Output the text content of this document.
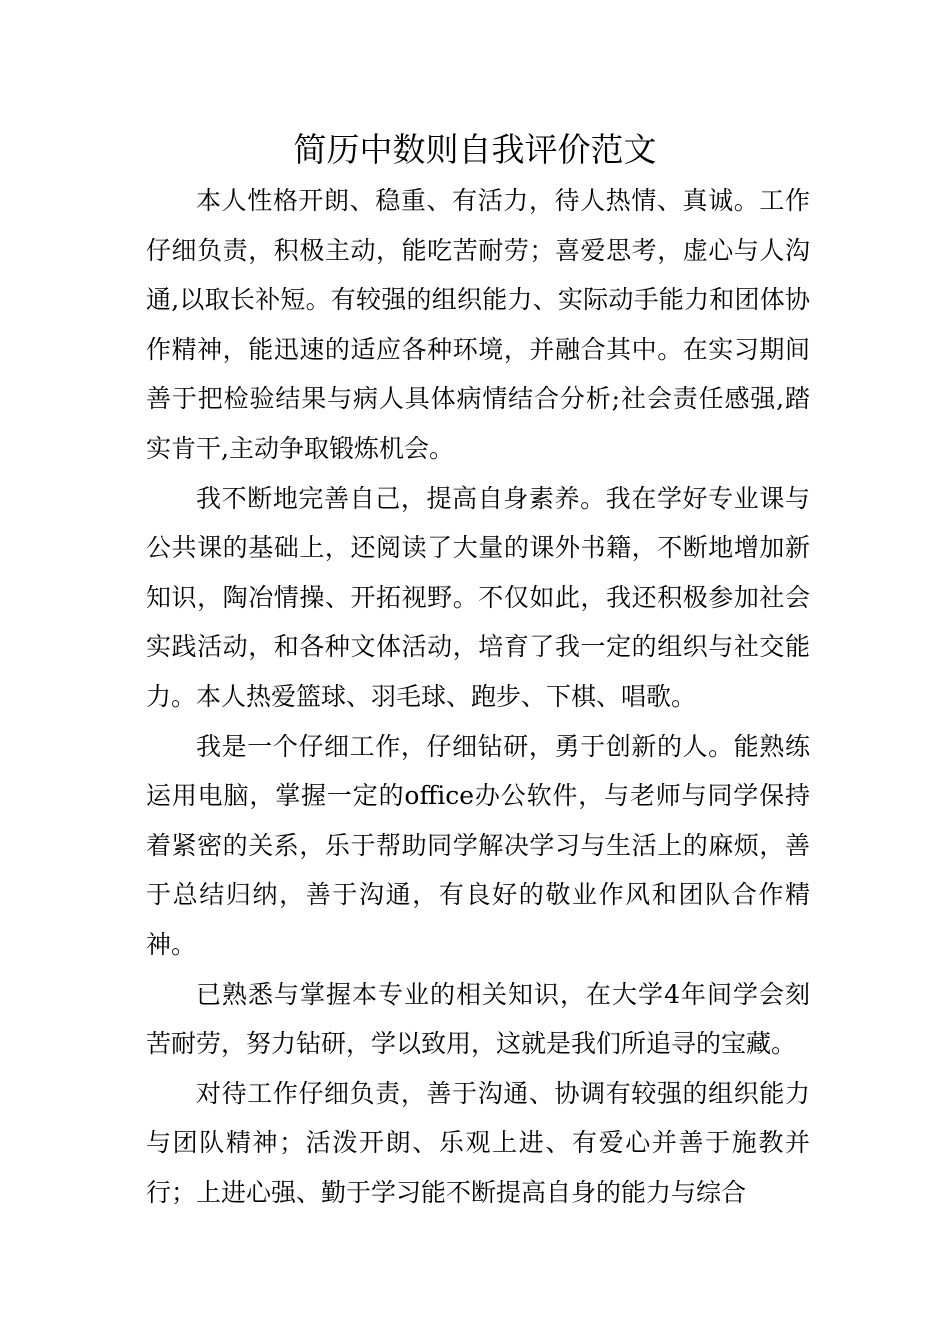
简历中数则自我评价范文

本人性格开朗、稳重、有活力，待人热情、真诚。工作仔细负责，积极主动，能吃苦耐劳；喜爱思考，虚心与人沟通,以取长补短。有较强的组织能力、实际动手能力和团体协作精神，能迅速的适应各种环境，并融合其中。在实习期间善于把检验结果与病人具体病情结合分析;社会责任感强,踏实肯干,主动争取锻炼机会。

我不断地完善自己，提高自身素养。我在学好专业课与公共课的基础上，还阅读了大量的课外书籍，不断地增加新知识，陶冶情操、开拓视野。不仅如此，我还积极参加社会实践活动，和各种文体活动，培育了我一定的组织与社交能力。本人热爱篮球、羽毛球、跑步、下棋、唱歌。

我是一个仔细工作，仔细钻研，勇于创新的人。能熟练运用电脑，掌握一定的office办公软件，与老师与同学保持着紧密的关系，乐于帮助同学解决学习与生活上的麻烦，善于总结归纳，善于沟通，有良好的敬业作风和团队合作精神。

已熟悉与掌握本专业的相关知识，在大学4年间学会刻苦耐劳，努力钻研，学以致用，这就是我们所追寻的宝藏。

对待工作仔细负责，善于沟通、协调有较强的组织能力与团队精神；活泼开朗、乐观上进、有爱心并善于施教并行；上进心强、勤于学习能不断提高自身的能力与综合
